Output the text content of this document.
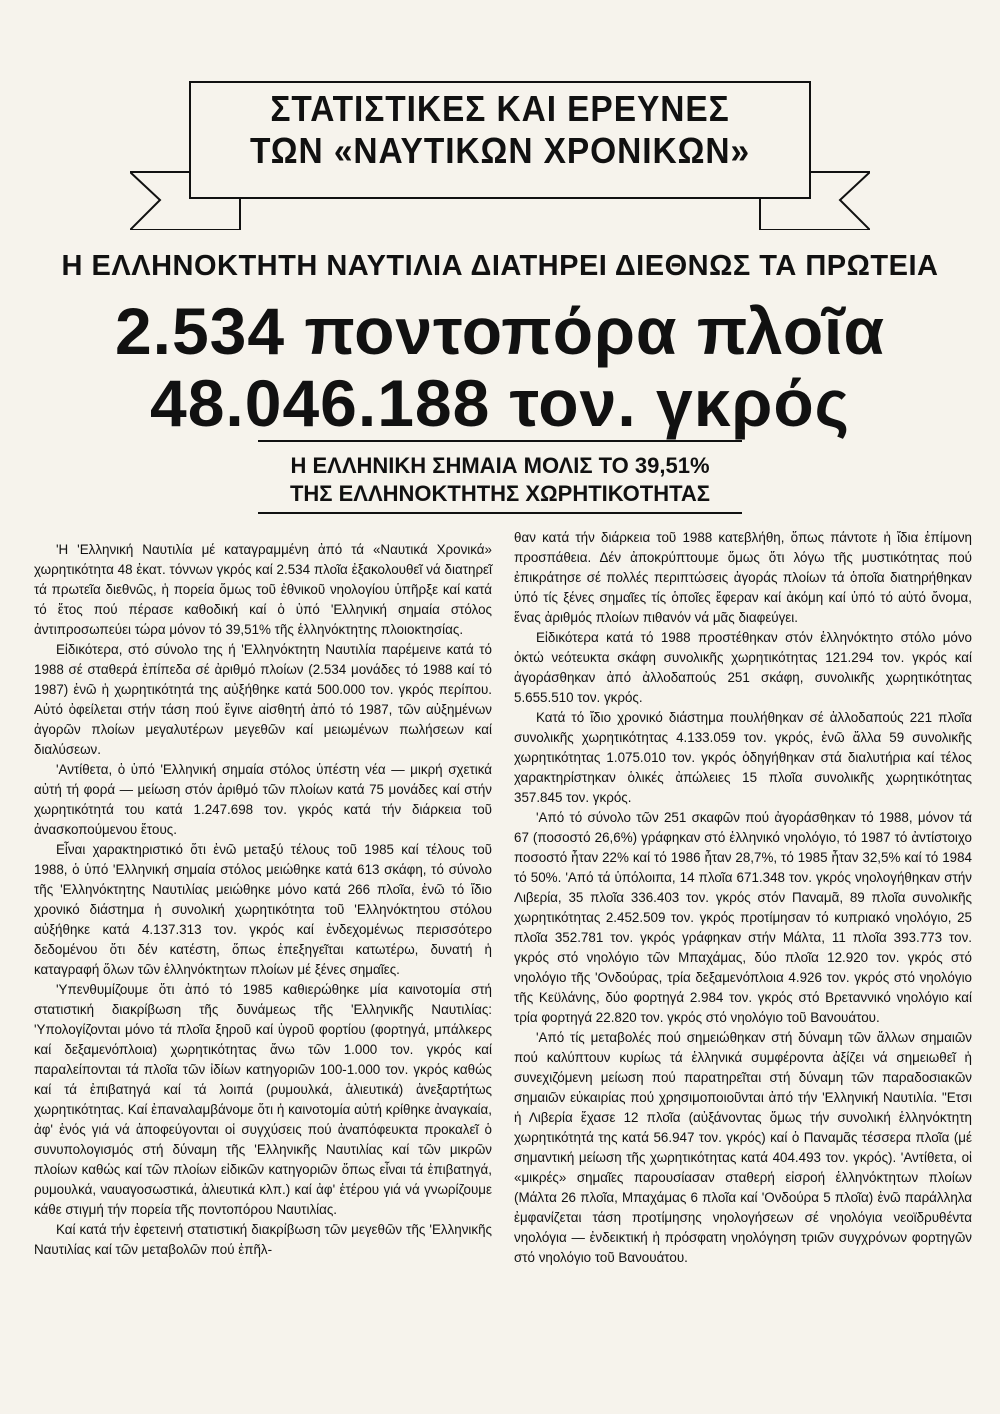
ΣΤΑΤΙΣΤΙΚΕΣ ΚΑΙ ΕΡΕΥΝΕΣ
ΤΩΝ «ΝΑΥΤΙΚΩΝ ΧΡΟΝΙΚΩΝ»
Η ΕΛΛΗΝΟΚΤΗΤΗ ΝΑΥΤΙΛΙΑ ΔΙΑΤΗΡΕΙ ΔΙΕΘΝΩΣ ΤΑ ΠΡΩΤΕΙΑ
2.534 ποντοπόρα πλοῖα
48.046.188 τον. γκρός
Η ΕΛΛΗΝΙΚΗ ΣΗΜΑΙΑ ΜΟΛΙΣ ΤΟ 39,51%
ΤΗΣ ΕΛΛΗΝΟΚΤΗΤΗΣ ΧΩΡΗΤΙΚΟΤΗΤΑΣ

'Η 'Ελληνική Ναυτιλία μέ καταγραμμένη ἀπό τά «Ναυτικά Χρονικά» χωρητικότητα 48 ἑκατ. τόννων γκρός καί 2.534 πλοῖα ἐξακολουθεῖ νά διατηρεῖ τά πρωτεῖα διεθνῶς, ἡ πορεία ὅμως τοῦ ἐθνικοῦ νηολογίου ὑπῆρξε καί κατά τό ἔτος πού πέρασε καθοδική καί ὁ ὑπό 'Ελληνική σημαία στόλος ἀντιπροσωπεύει τώρα μόνον τό 39,51% τῆς ἑλληνόκτητης πλοιοκτησίας.

Εἰδικότερα, στό σύνολο της ή 'Ελληνόκτητη Ναυτιλία παρέμεινε κατά τό 1988 σέ σταθερά ἐπίπεδα σέ ἀριθμό πλοίων (2.534 μονάδες τό 1988 καί τό 1987) ἐνῶ ἡ χωρητικότητά της αὐξήθηκε κατά 500.000 τον. γκρός περίπου. Αὐτό ὀφείλεται στήν τάση πού ἔγινε αἰσθητή ἀπό τό 1987, τῶν αὐξημένων ἀγορῶν πλοίων μεγαλυτέρων μεγεθῶν καί μειωμένων πωλήσεων καί διαλύσεων.

'Αντίθετα, ὁ ὑπό 'Ελληνική σημαία στόλος ὑπέστη νέα — μικρή σχετικά αὐτή τή φορά — μείωση στόν ἀριθμό τῶν πλοίων κατά 75 μονάδες καί στήν χωρητικότητά του κατά 1.247.698 τον. γκρός κατά τήν διάρκεια τοῦ ἀνασκοπούμενου ἔτους.

Εἶναι χαρακτηριστικό ὅτι ἐνῶ μεταξύ τέλους τοῦ 1985 καί τέλους τοῦ 1988, ὁ ὑπό 'Ελληνική σημαία στόλος μειώθηκε κατά 613 σκάφη, τό σύνολο τῆς 'Ελληνόκτητης Ναυτιλίας μειώθηκε μόνο κατά 266 πλοῖα, ἐνῶ τό ἴδιο χρονικό διάστημα ἡ συνολική χωρητικότητα τοῦ 'Ελληνόκτητου στόλου αὐξήθηκε κατά 4.137.313 τον. γκρός καί ἐνδεχομένως περισσότερο δεδομένου ὅτι δέν κατέστη, ὅπως ἐπεξηγεῖται κατωτέρω, δυνατή ἡ καταγραφή ὅλων τῶν ἑλληνόκτητων πλοίων μέ ξένες σημαῖες.

'Υπενθυμίζουμε ὅτι ἀπό τό 1985 καθιερώθηκε μία καινοτομία στή στατιστική διακρίβωση τῆς δυνάμεως τῆς 'Ελληνικῆς Ναυτιλίας: 'Υπολογίζονται μόνο τά πλοῖα ξηροῦ καί ὑγροῦ φορτίου (φορτηγά, μπάλκερς καί δεξαμενόπλοια) χωρητικότητας ἄνω τῶν 1.000 τον. γκρός καί παραλείπονται τά πλοῖα τῶν ἰδίων κατηγοριῶν 100-1.000 τον. γκρός καθώς καί τά ἐπιβατηγά καί τά λοιπά (ρυμουλκά, ἁλιευτικά) ἀνεξαρτήτως χωρητικότητας. Καί ἐπαναλαμβάνομε ὅτι ἡ καινοτομία αὐτή κρίθηκε ἀναγκαία, ἀφ' ἑνός γιά νά ἀποφεύγονται οἱ συγχύσεις πού ἀναπόφευκτα προκαλεῖ ὁ συνυπολογισμός στή δύναμη τῆς 'Ελληνικῆς Ναυτιλίας καί τῶν μικρῶν πλοίων καθώς καί τῶν πλοίων εἰδικῶν κατηγοριῶν ὅπως εἶναι τά ἐπιβατηγά, ρυμουλκά, ναυαγοσωστικά, ἁλιευτικά κλπ.) καί ἀφ' ἑτέρου γιά νά γνωρίζουμε κάθε στιγμή τήν πορεία τῆς ποντοπόρου Ναυτιλίας.

Καί κατά τήν ἐφετεινή στατιστική διακρίβωση τῶν μεγεθῶν τῆς 'Ελληνικῆς Ναυτιλίας καί τῶν μεταβολῶν πού ἐπῆλ-

θαν κατά τήν διάρκεια τοῦ 1988 κατεβλήθη, ὅπως πάντοτε ἡ ἴδια ἐπίμονη προσπάθεια. Δέν ἀποκρύπτουμε ὅμως ὅτι λόγω τῆς μυστικότητας πού ἐπικράτησε σέ πολλές περιπτώσεις ἀγοράς πλοίων τά ὁποῖα διατηρήθηκαν ὑπό τίς ξένες σημαῖες τίς ὁποῖες ἔφεραν καί ἀκόμη καί ὑπό τό αὐτό ὄνομα, ἕνας ἀριθμός πλοίων πιθανόν νά μᾶς διαφεύγει.

Εἰδικότερα κατά τό 1988 προστέθηκαν στόν ἑλληνόκτητο στόλο μόνο ὀκτώ νεότευκτα σκάφη συνολικῆς χωρητικότητας 121.294 τον. γκρός καί ἀγοράσθηκαν ἀπό ἀλλοδαπούς 251 σκάφη, συνολικῆς χωρητικότητας 5.655.510 τον. γκρός.

Κατά τό ἴδιο χρονικό διάστημα πουλήθηκαν σέ ἀλλοδαπούς 221 πλοῖα συνολικῆς χωρητικότητας 4.133.059 τον. γκρός, ἐνῶ ἄλλα 59 συνολικῆς χωρητικότητας 1.075.010 τον. γκρός ὁδηγήθηκαν στά διαλυτήρια καί τέλος χαρακτηρίστηκαν ὁλικές ἀπώλειες 15 πλοῖα συνολικῆς χωρητικότητας 357.845 τον. γκρός.

'Από τό σύνολο τῶν 251 σκαφῶν πού ἀγοράσθηκαν τό 1988, μόνον τά 67 (ποσοστό 26,6%) γράφηκαν στό ἑλληνικό νηολόγιο, τό 1987 τό ἀντίστοιχο ποσοστό ἦταν 22% καί τό 1986 ἦταν 28,7%, τό 1985 ἦταν 32,5% καί τό 1984 τό 50%. 'Από τά ὑπόλοιπα, 14 πλοῖα 671.348 τον. γκρός νηολογήθηκαν στήν Λιβερία, 35 πλοῖα 336.403 τον. γκρός στόν Παναμᾶ, 89 πλοῖα συνολικῆς χωρητικότητας 2.452.509 τον. γκρός προτίμησαν τό κυπριακό νηολόγιο, 25 πλοῖα 352.781 τον. γκρός γράφηκαν στήν Μάλτα, 11 πλοῖα 393.773 τον. γκρός στό νηολόγιο τῶν Μπαχάμας, δύο πλοῖα 12.920 τον. γκρός στό νηολόγιο τῆς 'Ονδούρας, τρία δεξαμενόπλοια 4.926 τον. γκρός στό νηολόγιο τῆς Κεϋλάνης, δύο φορτηγά 2.984 τον. γκρός στό Βρεταννικό νηολόγιο καί τρία φορτηγά 22.820 τον. γκρός στό νηολόγιο τοῦ Βανουάτου.

'Από τίς μεταβολές πού σημειώθηκαν στή δύναμη τῶν ἄλλων σημαιῶν πού καλύπτουν κυρίως τά ἑλληνικά συμφέροντα ἀξίζει νά σημειωθεῖ ἡ συνεχιζόμενη μείωση πού παρατηρεῖται στή δύναμη τῶν παραδοσιακῶν σημαιῶν εὐκαιρίας πού χρησιμοποιοῦνται ἀπό τήν 'Ελληνική Ναυτιλία. "Ετσι ἡ Λιβερία ἔχασε 12 πλοῖα (αὐξάνοντας ὅμως τήν συνολική ἑλληνόκτητη χωρητικότητά της κατά 56.947 τον. γκρός) καί ὁ Παναμᾶς τέσσερα πλοῖα (μέ σημαντική μείωση τῆς χωρητικότητας κατά 404.493 τον. γκρός). 'Αντίθετα, οἱ «μικρές» σημαῖες παρουσίασαν σταθερή εἰσροή ἑλληνόκτητων πλοίων (Μάλτα 26 πλοῖα, Μπαχάμας 6 πλοῖα καί 'Ονδούρα 5 πλοῖα) ἐνῶ παράλληλα ἐμφανίζεται τάση προτίμησης νηολογήσεων σέ νηολόγια νεοϊδρυθέντα νηολόγια — ἐνδεικτική ἡ πρόσφατη νηολόγηση τριῶν συγχρόνων φορτηγῶν στό νηολόγιο τοῦ Βανουάτου.
